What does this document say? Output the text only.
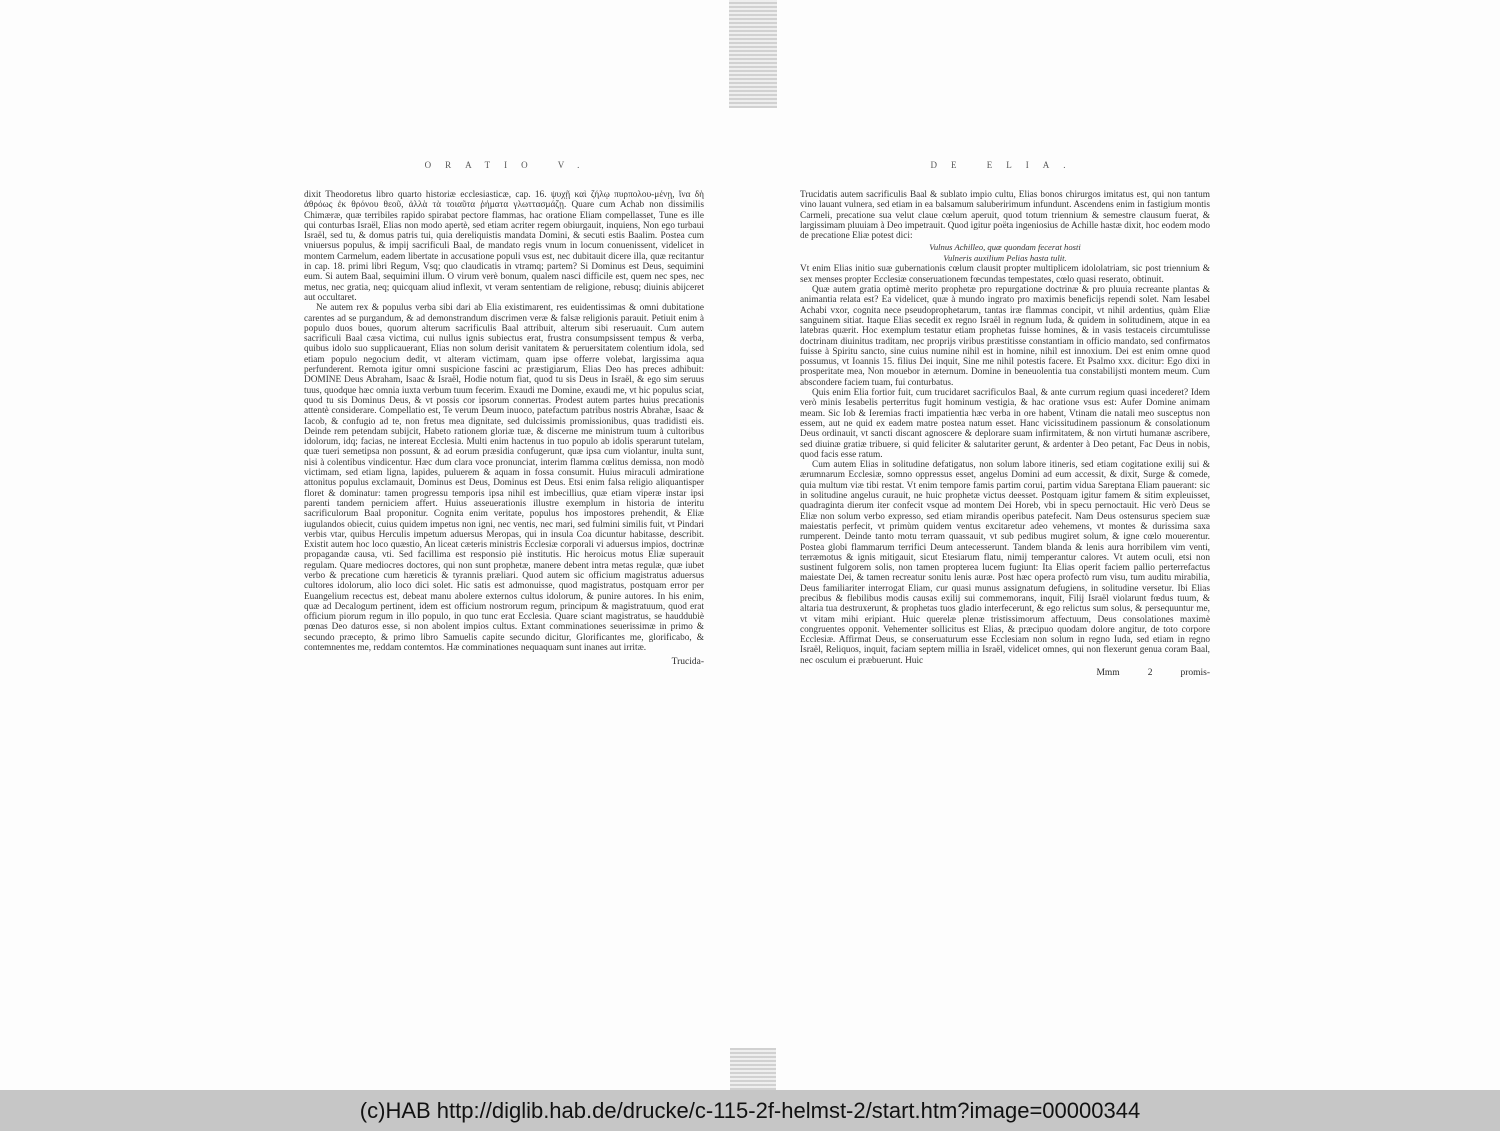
ORATIO V.

dixit Theodoretus libro quarto historiæ ecclesiasticæ, cap. 16. ψυχῇ καὶ ζήλῳ πυρπολου-μένῃ, ἵνα δὴ ἀθρόως ἐκ θρόνου θεοῦ, ἀλλὰ τὰ τοιαῦτα ῥήματα γλωττασμάζῃ. Quare cum Achab non dissimilis Chimæræ, quæ terribiles rapido spirabat pectore flammas, hac oratione Eliam compellasset, Tune es ille qui conturbas Israël, Elias non modo apertè, sed etiam acriter regem obiurgauit, inquiens, Non ego turbaui Israël, sed tu, & domus patris tui, quia dereliquistis mandata Domini, & secuti estis Baalim. Postea cum vniuersus populus, & impij sacrificuli Baal, de mandato regis vnum in locum conuenissent, videlicet in montem Carmelum, eadem libertate in accusatione populi vsus est, nec dubitauit dicere illa, quæ recitantur in cap. 18. primi libri Regum, Vsq; quo claudicatis in vtramq; partem? Si Dominus est Deus, sequimini eum. Si autem Baal, sequimini illum. O virum verè bonum, qualem nasci difficile est, quem nec spes, nec metus, nec gratia, neq; quicquam aliud inflexit, vt veram sententiam de religione, rebusq; diuinis abijceret aut occultaret.

Ne autem rex & populus verba sibi dari ab Elia existimarent, res euidentissimas & omni dubitatione carentes ad se purgandum, & ad demonstrandum discrimen veræ & falsæ religionis parauit. Petiuit enim à populo duos boues, quorum alterum sacrificulis Baal attribuit, alterum sibi reseruauit. Cum autem sacrificuli Baal cæsa victima, cui nullus ignis subiectus erat, frustra consumpsissent tempus & verba, quibus idolo suo supplicauerant, Elias non solum derisit vanitatem & peruersitatem colentium idola, sed etiam populo negocium dedit, vt alteram victimam, quam ipse offerre volebat, largissima aqua perfunderent. Remota igitur omni suspicione fascini ac præstigiarum, Elias Deo has preces adhibuit: DOMINE Deus Abraham, Isaac & Israël, Hodie notum fiat, quod tu sis Deus in Israël, & ego sim seruus tuus, quodque hæc omnia iuxta verbum tuum fecerim. Exaudi me Domine, exaudi me, vt hic populus sciat, quod tu sis Dominus Deus, & vt possis cor ipsorum connertas. Prodest autem partes huius precationis attentè considerare. Compellatio est, Te verum Deum inuoco, patefactum patribus nostris Abrahæ, Isaac & Iacob, & confugio ad te, non fretus mea dignitate, sed dulcissimis promissionibus, quas tradidisti eis. Deinde rem petendam subijcit, Habeto rationem gloriæ tuæ, & discerne me ministrum tuum à cultoribus idolorum, idq; facias, ne intereat Ecclesia. Multi enim hactenus in tuo populo ab idolis sperarunt tutelam, quæ tueri semetipsa non possunt, & ad eorum præsidia confugerunt, quæ ipsa cum violantur, inulta sunt, nisi à colentibus vindicentur. Hæc dum clara voce pronunciat, interim flamma cœlitus demissa, non modò victimam, sed etiam ligna, lapides, puluerem & aquam in fossa consumit. Huius miraculi admiratione attonitus populus exclamauit, Dominus est Deus, Dominus est Deus. Etsi enim falsa religio aliquantisper floret & dominatur: tamen progressu temporis ipsa nihil est imbecillius, quæ etiam viperæ instar ipsi parenti tandem perniciem affert. Huius asseuerationis illustre exemplum in historia de interitu sacrificulorum Baal proponitur. Cognita enim veritate, populus hos impostores prehendit, & Eliæ iugulandos obiecit, cuius quidem impetus non igni, nec ventis, nec mari, sed fulmini similis fuit, vt Pindari verbis vtar, quibus Herculis impetum aduersus Meropas, qui in insula Coa dicuntur habitasse, describit. Existit autem hoc loco quæstio, An liceat cæteris ministris Ecclesiæ corporali vi aduersus impios, doctrinæ propagandæ causa, vti. Sed facillima est responsio piè institutis. Hic heroicus motus Eliæ superauit regulam. Quare mediocres doctores, qui non sunt prophetæ, manere debent intra metas regulæ, quæ iubet verbo & precatione cum hæreticis & tyrannis præliari. Quod autem sic officium magistratus aduersus cultores idolorum, alio loco dici solet. Hic satis est admonuisse, quod magistratus, postquam error per Euangelium recectus est, debeat manu abolere externos cultus idolorum, & punire autores. In his enim, quæ ad Decalogum pertinent, idem est officium nostrorum regum, principum & magistratuum, quod erat officium piorum regum in illo populo, in quo tunc erat Ecclesia. Quare sciant magistratus, se hauddubiè pœnas Deo daturos esse, si non abolent impios cultus. Extant comminationes seuerissimæ in primo & secundo præcepto, & primo libro Samuelis capite secundo dicitur, Glorificantes me, glorificabo, & contemnentes me, reddam contemtos. Hæ comminationes nequaquam sunt inanes aut irritæ.

Trucida-
DE ELIA.

Trucidatis autem sacrificulis Baal & sublato impio cultu, Elias bonos chirurgos imitatus est, qui non tantum vino lauant vulnera, sed etiam in ea balsamum saluberirimum infundunt. Ascendens enim in fastigium montis Carmeli, precatione sua velut claue cœlum aperuit, quod totum triennium & semestre clausum fuerat, & largissimam pluuiam à Deo impetrauit. Quod igitur poëta ingeniosius de Achille hastæ dixit, hoc eodem modo de precatione Eliæ potest dici:

Vulnus Achilleo, quæ quondam fecerat hosti
Vulneris auxilium Pelias hasta tulit.

Vt enim Elias initio suæ gubernationis cœlum clausit propter multiplicem idololatriam, sic post triennium & sex menses propter Ecclesiæ conseruationem fœcundas tempestates, cœlo quasi reserato, obtinuit.

Quæ autem gratia optimè merito prophetæ pro repurgatione doctrinæ & pro pluuia recreante plantas & animantia relata est? Ea videlicet, quæ à mundo ingrato pro maximis beneficijs rependi solet. Nam Iesabel Achabi vxor, cognita nece pseudoprophetarum, tantas iræ flammas concipit, vt nihil ardentius, quàm Eliæ sanguinem sitiat. Itaque Elias secedit ex regno Israël in regnum Iuda, & quidem in solitudinem, atque in ea latebras quærit. Hoc exemplum testatur etiam prophetas fuisse homines, & in vasis testaceis circumtulisse doctrinam diuinitus traditam, nec proprijs viribus præstitisse constantiam in officio mandato, sed confirmatos fuisse à Spiritu sancto, sine cuius numine nihil est in homine, nihil est innoxium. Dei est enim omne quod possumus, vt Ioannis 15. filius Dei inquit, Sine me nihil potestis facere. Et Psalmo xxx. dicitur: Ego dixi in prosperitate mea, Non mouebor in æternum. Domine in beneuolentia tua constabilijsti montem meum. Cum abscondere faciem tuam, fui conturbatus.

Quis enim Elia fortior fuit, cum trucidaret sacrificulos Baal, & ante currum regium quasi incederet? Idem verò minis Iesabelis perterritus fugit hominum vestigia, & hac oratione vsus est: Aufer Domine animam meam. Sic Iob & Ieremias fracti impatientia hæc verba in ore habent, Vtinam die natali meo susceptus non essem, aut ne quid ex eadem matre postea natum esset. Hanc vicissitudinem passionum & consolationum Deus ordinauit, vt sancti discant agnoscere & deplorare suam infirmitatem, & non virtuti humanæ ascribere, sed diuinæ gratiæ tribuere, si quid feliciter & salutariter gerunt, & ardenter à Deo petant, Fac Deus in nobis, quod facis esse ratum.

Cum autem Elias in solitudine defatigatus, non solum labore itineris, sed etiam cogitatione exilij sui & ærumnarum Ecclesiæ, somno oppressus esset, angelus Domini ad eum accessit, & dixit, Surge & comede, quia multum viæ tibi restat. Vt enim tempore famis partim corui, partim vidua Sareptana Eliam pauerant: sic in solitudine angelus curauit, ne huic prophetæ victus deesset. Postquam igitur famem & sitim expleuisset, quadraginta dierum iter confecit vsque ad montem Dei Horeb, vbi in specu pernoctauit. Hic verò Deus se Eliæ non solum verbo expresso, sed etiam mirandis operibus patefecit. Nam Deus ostensurus speciem suæ maiestatis perfecit, vt primùm quidem ventus excitaretur adeo vehemens, vt montes & durissima saxa rumperent. Deinde tanto motu terram quassauit, vt sub pedibus mugiret solum, & igne cœlo mouerentur. Postea globi flammarum terrifici Deum antecesserunt. Tandem blanda & lenis aura horribilem vim venti, terræmotus & ignis mitigauit, sicut Etesiarum flatu, nimij temperantur calores. Vt autem oculi, etsi non sustinent fulgorem solis, non tamen propterea lucem fugiunt: Ita Elias operit faciem pallio perterrefactus maiestate Dei, & tamen recreatur sonitu lenis auræ. Post hæc opera profectò rum visu, tum auditu mirabilia, Deus familiariter interrogat Eliam, cur quasi munus assignatum defugiens, in solitudine versetur. Ibi Elias precibus & flebilibus modis causas exilij sui commemorans, inquit, Filij Israël violarunt fœdus tuum, & altaria tua destruxerunt, & prophetas tuos gladio interfecerunt, & ego relictus sum solus, & persequuntur me, vt vitam mihi eripiant. Huic querelæ plenæ tristissimorum affectuum, Deus consolationes maximè congruentes opponit. Vehementer sollicitus est Elias, & præcipuo quodam dolore angitur, de toto corpore Ecclesiæ. Affirmat Deus, se conseruaturum esse Ecclesiam non solum in regno Iuda, sed etiam in regno Israël, Reliquos, inquit, faciam septem millia in Israël, videlicet omnes, qui non flexerunt genua coram Baal, nec osculum ei præbuerunt. Huic

Mmm	2	promis-
(c)HAB http://diglib.hab.de/drucke/c-115-2f-helmst-2/start.htm?image=00000344
